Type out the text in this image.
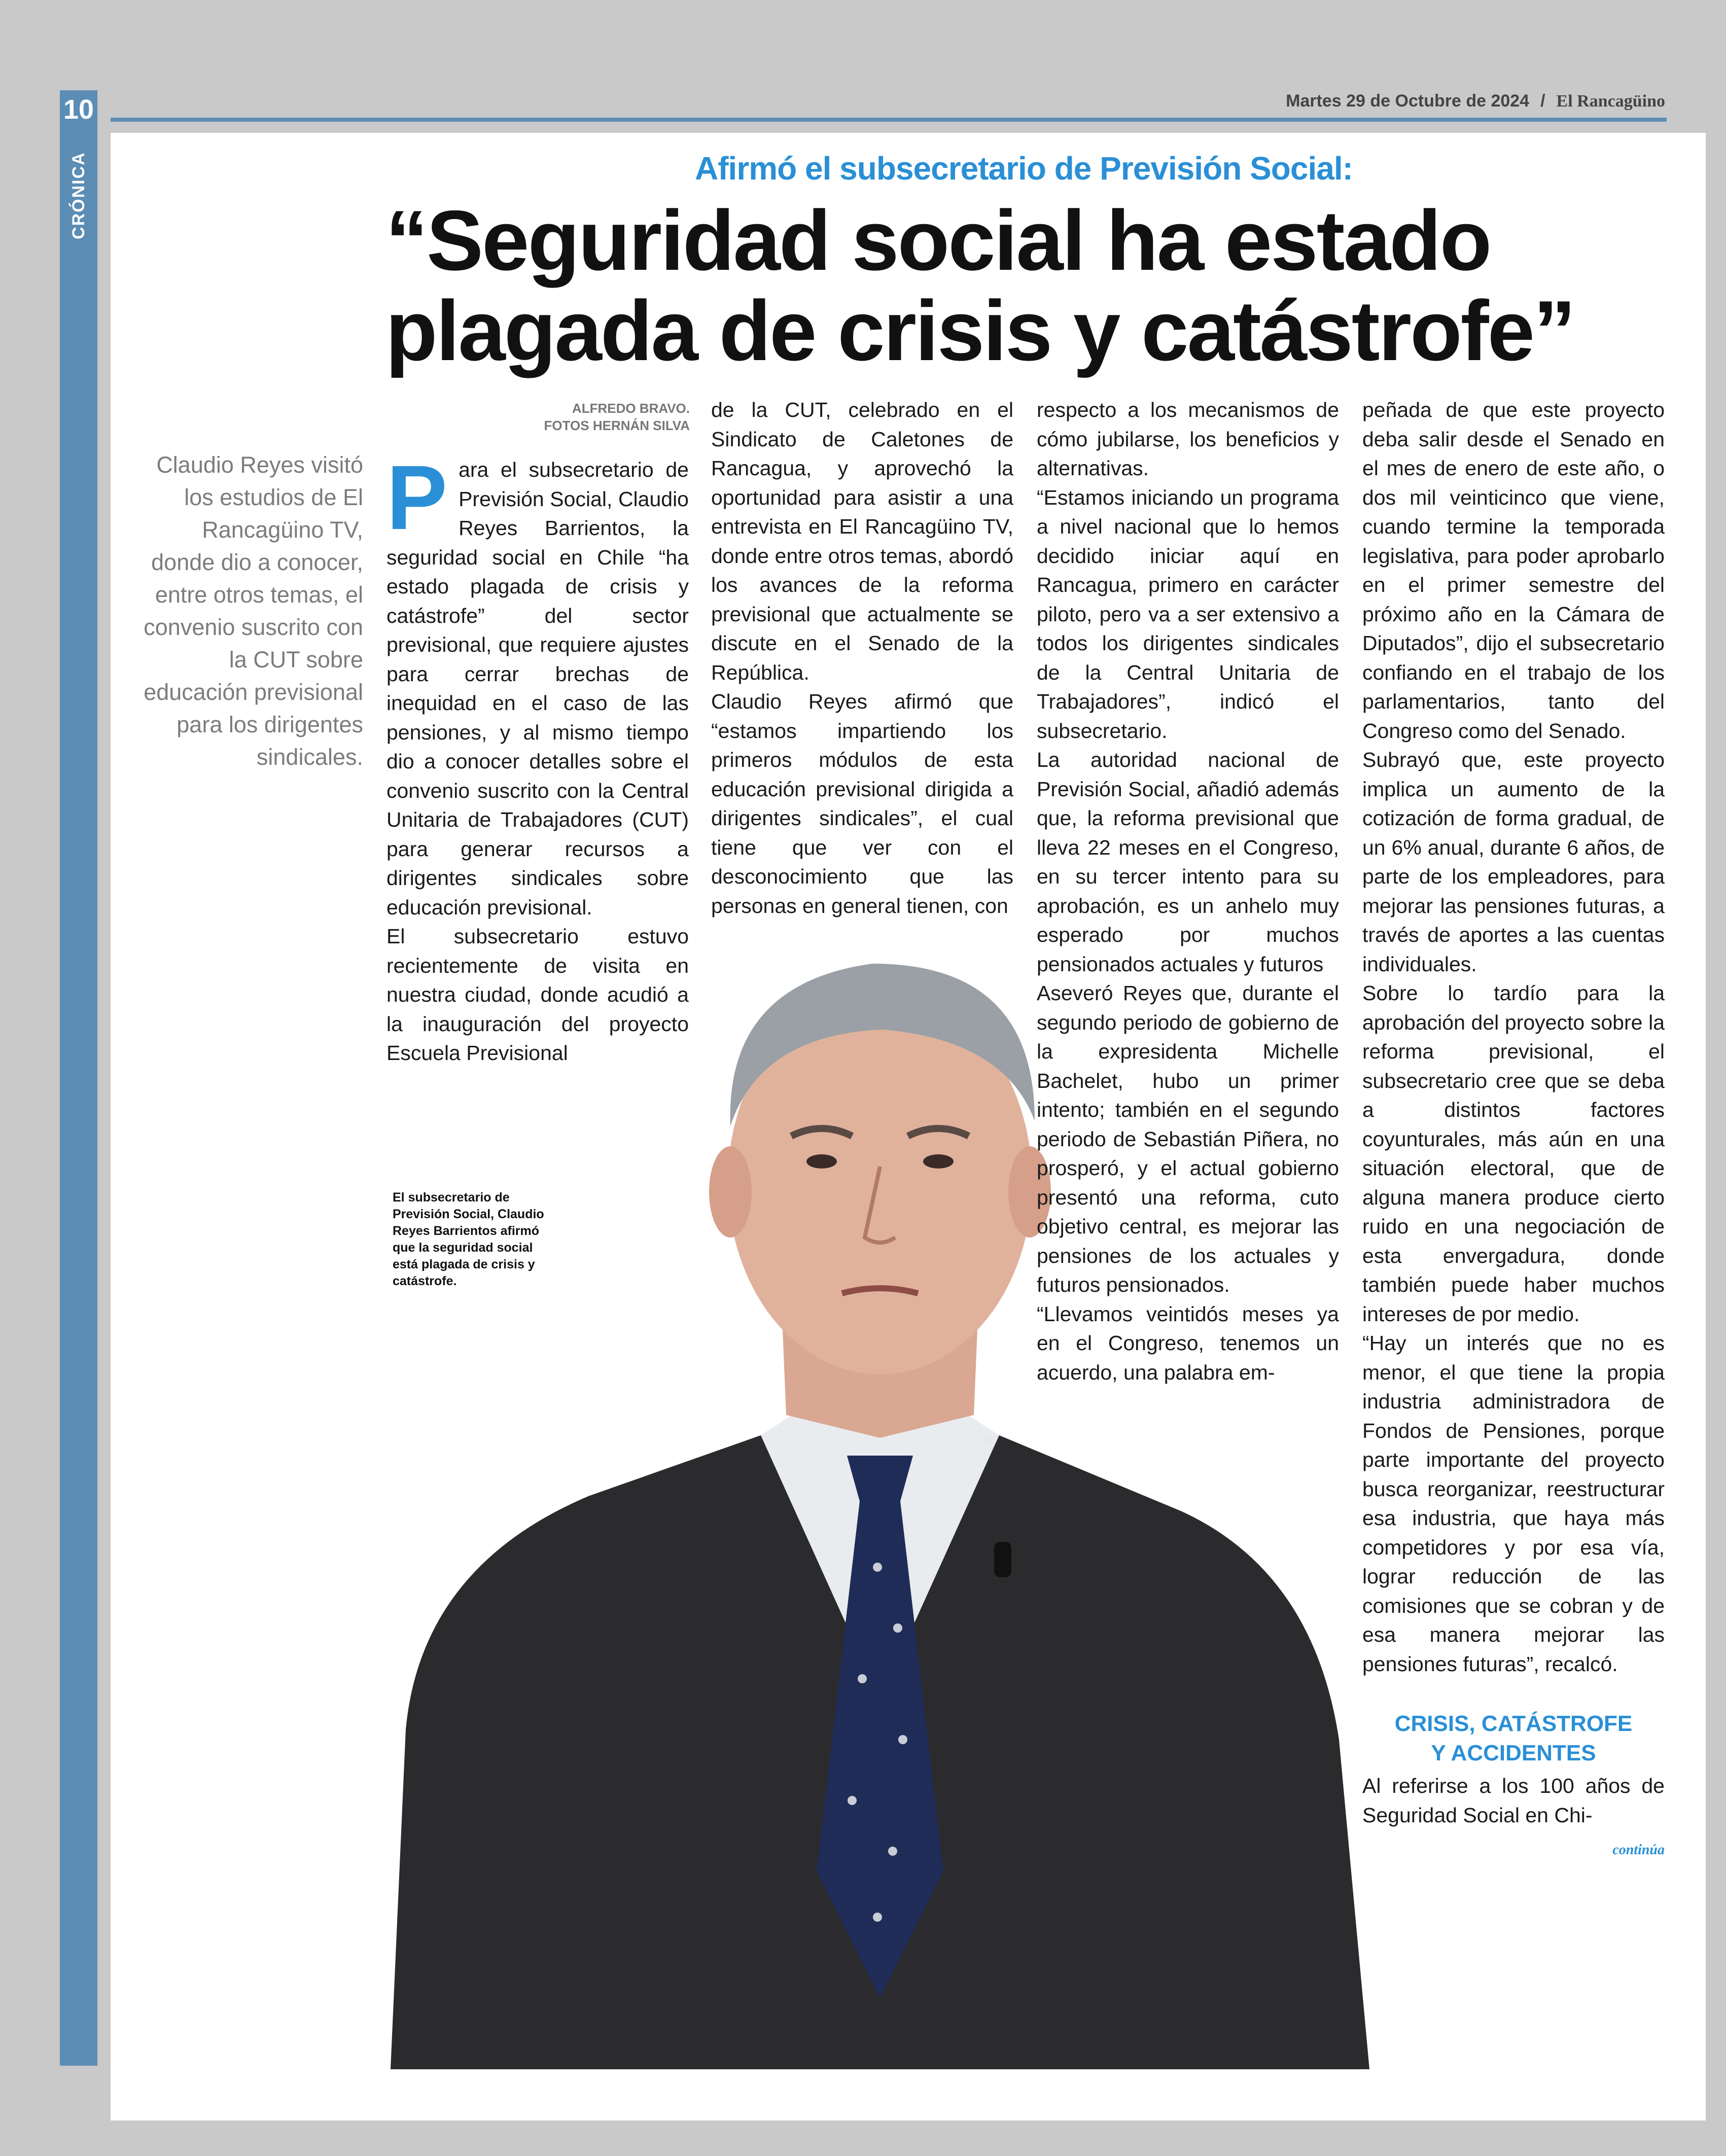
10
CRÓNICA
Martes 29 de Octubre de 2024 / El Rancagüino
Afirmó el subsecretario de Previsión Social:
“Seguridad social ha estado plagada de crisis y catástrofe”
ALFREDO BRAVO.
FOTOS HERNÁN SILVA
Claudio Reyes visitó los estudios de El Rancagüino TV, donde dio a conocer, entre otros temas, el convenio suscrito con la CUT sobre educación previsional para los dirigentes sindicales.
El subsecretario de Previsión Social, Claudio Reyes Barrientos afirmó que la seguridad social está plagada de crisis y catástrofe.

Para el subsecretario de Previsión Social, Claudio Reyes Barrientos, la seguridad social en Chile “ha estado plagada de crisis y catástrofe” del sector previsional, que requiere ajustes para cerrar brechas de inequidad en el caso de las pensiones, y al mismo tiempo dio a conocer detalles sobre el convenio suscrito con la Central Unitaria de Trabajadores (CUT) para generar recursos a dirigentes sindicales sobre educación previsional.

El subsecretario estuvo recientemente de visita en nuestra ciudad, donde acudió a la inauguración del proyecto Escuela Previsional

de la CUT, celebrado en el Sindicato de Caletones de Rancagua, y aprovechó la oportunidad para asistir a una entrevista en El Rancagüino TV, donde entre otros temas, abordó los avances de la reforma previsional que actualmente se discute en el Senado de la República.

Claudio Reyes afirmó que “estamos impartiendo los primeros módulos de esta educación previsional dirigida a dirigentes sindicales”, el cual tiene que ver con el desconocimiento que las personas en general tienen, con

respecto a los mecanismos de cómo jubilarse, los beneficios y alternativas.

“Estamos iniciando un programa a nivel nacional que lo hemos decidido iniciar aquí en Rancagua, primero en carácter piloto, pero va a ser extensivo a todos los dirigentes sindicales de la Central Unitaria de Trabajadores”, indicó el subsecretario.

La autoridad nacional de Previsión Social, añadió además que, la reforma previsional que lleva 22 meses en el Congreso, en su tercer intento para su aprobación, es un anhelo muy esperado por muchos pensionados actuales y futuros

Aseveró Reyes que, durante el segundo periodo de gobierno de la expresidenta Michelle Bachelet, hubo un primer intento; también en el segundo periodo de Sebastián Piñera, no prosperó, y el actual gobierno presentó una reforma, cuto objetivo central, es mejorar las pensiones de los actuales y futuros pensionados.

“Llevamos veintidós meses ya en el Congreso, tenemos un acuerdo, una palabra em-

peñada de que este proyecto deba salir desde el Senado en el mes de enero de este año, o dos mil veinticinco que viene, cuando termine la temporada legislativa, para poder aprobarlo en el primer semestre del próximo año en la Cámara de Diputados”, dijo el subsecretario confiando en el trabajo de los parlamentarios, tanto del Congreso como del Senado.

Subrayó que, este proyecto implica un aumento de la cotización de forma gradual, de un 6% anual, durante 6 años, de parte de los empleadores, para mejorar las pensiones futuras, a través de aportes a las cuentas individuales.

Sobre lo tardío para la aprobación del proyecto sobre la reforma previsional, el subsecretario cree que se deba a distintos factores coyunturales, más aún en una situación electoral, que de alguna manera produce cierto ruido en una negociación de esta envergadura, donde también puede haber muchos intereses de por medio.

“Hay un interés que no es menor, el que tiene la propia industria administradora de Fondos de Pensiones, porque parte importante del proyecto busca reorganizar, reestructurar esa industria, que haya más competidores y por esa vía, lograr reducción de las comisiones que se cobran y de esa manera mejorar las pensiones futuras”, recalcó.

CRISIS, CATÁSTROFE

Y ACCIDENTES

Al referirse a los 100 años de Seguridad Social en Chi-

continúa
